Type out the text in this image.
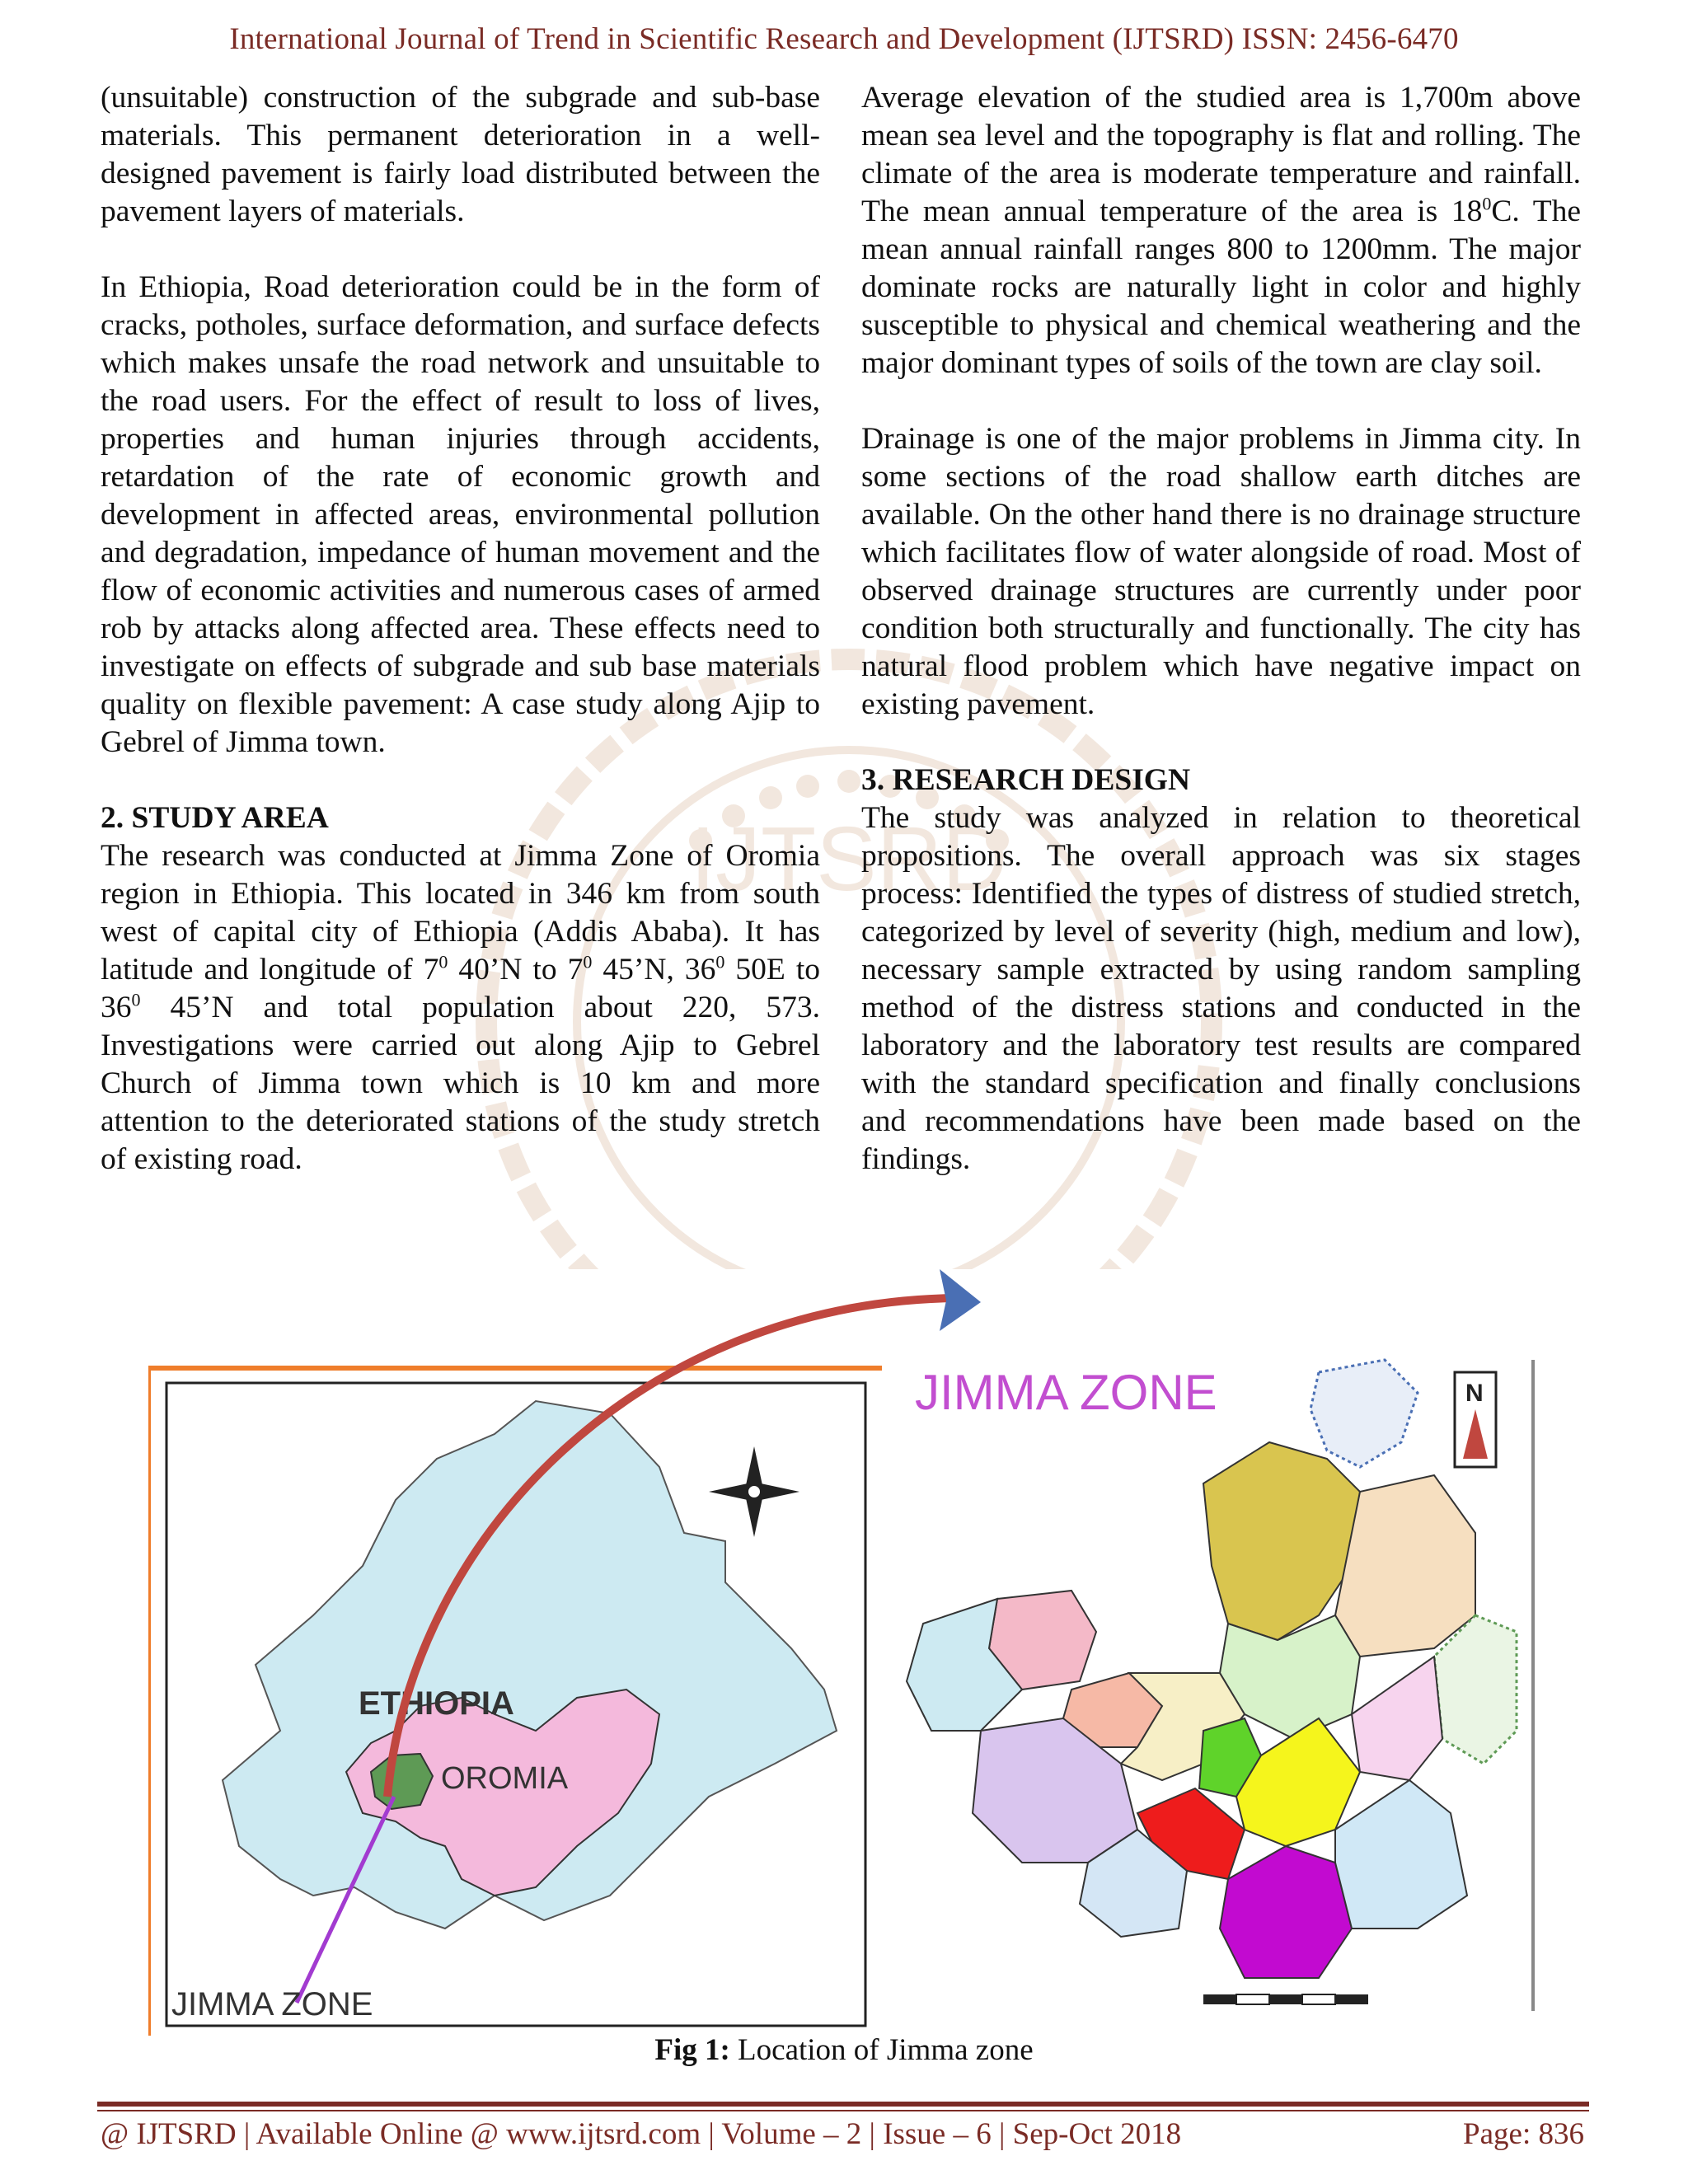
International Journal of Trend in Scientific Research and Development (IJTSRD) ISSN: 2456-6470
IJTSRD

(unsuitable) construction of the subgrade and sub-base materials. This permanent deterioration in a well-designed pavement is fairly load distributed between the pavement layers of materials.

In Ethiopia, Road deterioration could be in the form of cracks, potholes, surface deformation, and surface defects which makes unsafe the road network and unsuitable to the road users. For the effect of result to loss of lives, properties and human injuries through accidents, retardation of the rate of economic growth and development in affected areas, environmental pollution and degradation, impedance of human movement and the flow of economic activities and numerous cases of armed rob by attacks along affected area. These effects need to investigate on effects of subgrade and sub base materials quality on flexible pavement: A case study along Ajip to Gebrel of Jimma town.

2. STUDY AREA

The research was conducted at Jimma Zone of Oromia region in Ethiopia. This located in 346 km from south west of capital city of Ethiopia (Addis Ababa). It has latitude and longitude of $7^0$ 40’N to $7^0$ 45’N, $36^0$ 50E to $36^0$ 45’N and total population about 220, 573. Investigations were carried out along Ajip to Gebrel Church of Jimma town which is 10 km and more attention to the deteriorated stations of the study stretch of existing road.

Average elevation of the studied area is 1,700m above mean sea level and the topography is flat and rolling. The climate of the area is moderate temperature and rainfall. The mean annual temperature of the area is $18^0C$. The mean annual rainfall ranges 800 to 1200mm. The major dominate rocks are naturally light in color and highly susceptible to physical and chemical weathering and the major dominant types of soils of the town are clay soil.

Drainage is one of the major problems in Jimma city. In some sections of the road shallow earth ditches are available. On the other hand there is no drainage structure which facilitates flow of water alongside of road. Most of observed drainage structures are currently under poor condition both structurally and functionally. The city has natural flood problem which have negative impact on existing pavement.

3. RESEARCH DESIGN

The study was analyzed in relation to theoretical propositions. The overall approach was six stages process: Identified the types of distress of studied stretch, categorized by level of severity (high, medium and low), necessary sample extracted by using random sampling method of the distress stations and conducted in the laboratory and the laboratory test results are compared with the standard specification and finally conclusions and recommendations have been made based on the findings.

ETHIOPIA
OROMIA
JIMMA ZONE
JIMMA ZONE	N
Fig 1: Location of Jimma zone
@ IJTSRD | Available Online @ www.ijtsrd.com | Volume – 2 | Issue – 6 | Sep-Oct 2018	Page: 836
